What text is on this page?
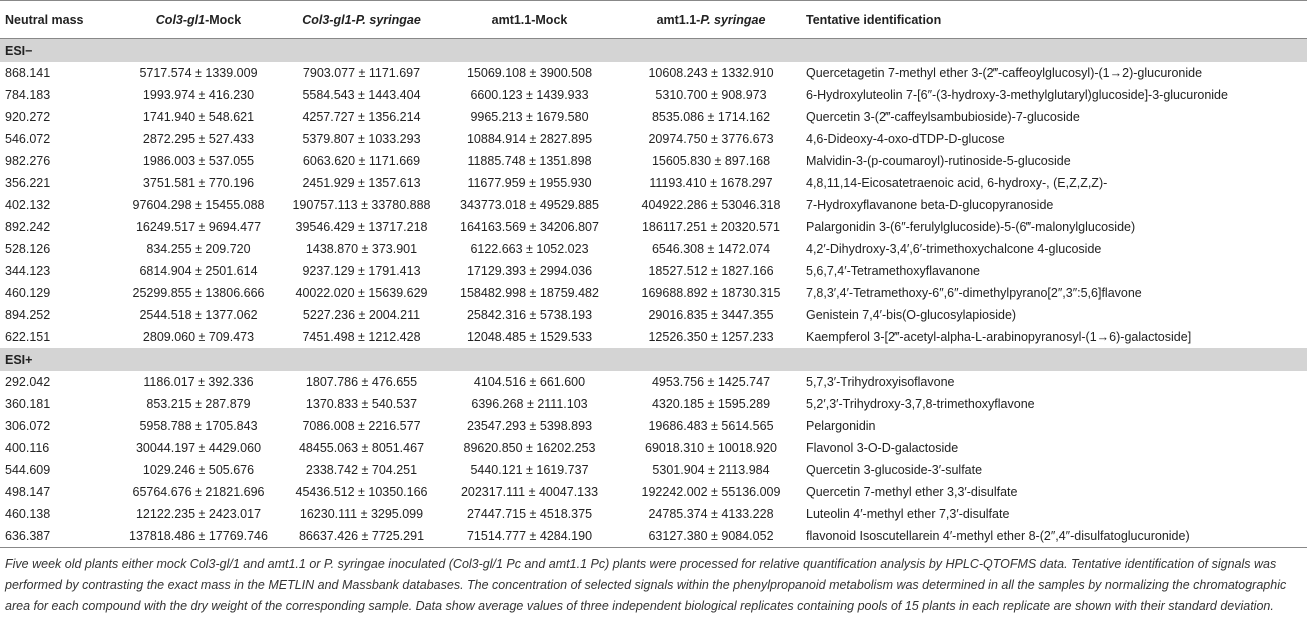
Neutral mass	Col3-gl1-Mock	Col3-gl1-P. syringae	amt1.1-Mock	amt1.1-P. syringae	Tentative identification
ESI−					
868.141	5717.574 ± 1339.009	7903.077 ± 1171.697	15069.108 ± 3900.508	10608.243 ± 1332.910	Quercetagetin 7-methyl ether 3-(2‴-caffeoylglucosyl)-(1→2)-glucuronide
784.183	1993.974 ± 416.230	5584.543 ± 1443.404	6600.123 ± 1439.933	5310.700 ± 908.973	6-Hydroxyluteolin 7-[6″-(3-hydroxy-3-methylglutaryl)glucoside]-3-glucuronide
920.272	1741.940 ± 548.621	4257.727 ± 1356.214	9965.213 ± 1679.580	8535.086 ± 1714.162	Quercetin 3-(2‴-caffeylsambubioside)-7-glucoside
546.072	2872.295 ± 527.433	5379.807 ± 1033.293	10884.914 ± 2827.895	20974.750 ± 3776.673	4,6-Dideoxy-4-oxo-dTDP-D-glucose
982.276	1986.003 ± 537.055	6063.620 ± 1171.669	11885.748 ± 1351.898	15605.830 ± 897.168	Malvidin-3-(p-coumaroyl)-rutinoside-5-glucoside
356.221	3751.581 ± 770.196	2451.929 ± 1357.613	11677.959 ± 1955.930	11193.410 ± 1678.297	4,8,11,14-Eicosatetraenoic acid, 6-hydroxy-, (E,Z,Z,Z)-
402.132	97604.298 ± 15455.088	190757.113 ± 33780.888	343773.018 ± 49529.885	404922.286 ± 53046.318	7-Hydroxyflavanone beta-D-glucopyranoside
892.242	16249.517 ± 9694.477	39546.429 ± 13717.218	164163.569 ± 34206.807	186117.251 ± 20320.571	Palargonidin 3-(6″-ferulylglucoside)-5-(6‴-malonylglucoside)
528.126	834.255 ± 209.720	1438.870 ± 373.901	6122.663 ± 1052.023	6546.308 ± 1472.074	4,2′-Dihydroxy-3,4′,6′-trimethoxychalcone 4-glucoside
344.123	6814.904 ± 2501.614	9237.129 ± 1791.413	17129.393 ± 2994.036	18527.512 ± 1827.166	5,6,7,4′-Tetramethoxyflavanone
460.129	25299.855 ± 13806.666	40022.020 ± 15639.629	158482.998 ± 18759.482	169688.892 ± 18730.315	7,8,3′,4′-Tetramethoxy-6″,6″-dimethylpyrano[2″,3″:5,6]flavone
894.252	2544.518 ± 1377.062	5227.236 ± 2004.211	25842.316 ± 5738.193	29016.835 ± 3447.355	Genistein 7,4′-bis(O-glucosylapioside)
622.151	2809.060 ± 709.473	7451.498 ± 1212.428	12048.485 ± 1529.533	12526.350 ± 1257.233	Kaempferol 3-[2‴-acetyl-alpha-L-arabinopyranosyl-(1→6)-galactoside]
ESI+					
292.042	1186.017 ± 392.336	1807.786 ± 476.655	4104.516 ± 661.600	4953.756 ± 1425.747	5,7,3′-Trihydroxyisoflavone
360.181	853.215 ± 287.879	1370.833 ± 540.537	6396.268 ± 2111.103	4320.185 ± 1595.289	5,2′,3′-Trihydroxy-3,7,8-trimethoxyflavone
306.072	5958.788 ± 1705.843	7086.008 ± 2216.577	23547.293 ± 5398.893	19686.483 ± 5614.565	Pelargonidin
400.116	30044.197 ± 4429.060	48455.063 ± 8051.467	89620.850 ± 16202.253	69018.310 ± 10018.920	Flavonol 3-O-D-galactoside
544.609	1029.246 ± 505.676	2338.742 ± 704.251	5440.121 ± 1619.737	5301.904 ± 2113.984	Quercetin 3-glucoside-3′-sulfate
498.147	65764.676 ± 21821.696	45436.512 ± 10350.166	202317.111 ± 40047.133	192242.002 ± 55136.009	Quercetin 7-methyl ether 3,3′-disulfate
460.138	12122.235 ± 2423.017	16230.111 ± 3295.099	27447.715 ± 4518.375	24785.374 ± 4133.228	Luteolin 4′-methyl ether 7,3′-disulfate
636.387	137818.486 ± 17769.746	86637.426 ± 7725.291	71514.777 ± 4284.190	63127.380 ± 9084.052	flavonoid Isoscutellarein 4′-methyl ether 8-(2″,4″-disulfatoglucuronide)
Five week old plants either mock Col3-gl/1 and amt1.1 or P. syringae inoculated (Col3-gl/1 Pc and amt1.1 Pc) plants were processed for relative quantification analysis by HPLC-QTOFMS data. Tentative identification of signals was performed by contrasting the exact mass in the METLIN and Massbank databases. The concentration of selected signals within the phenylpropanoid metabolism was determined in all the samples by normalizing the chromatographic area for each compound with the dry weight of the corresponding sample. Data show average values of three independent biological replicates containing pools of 15 plants in each replicate are shown with their standard deviation.
